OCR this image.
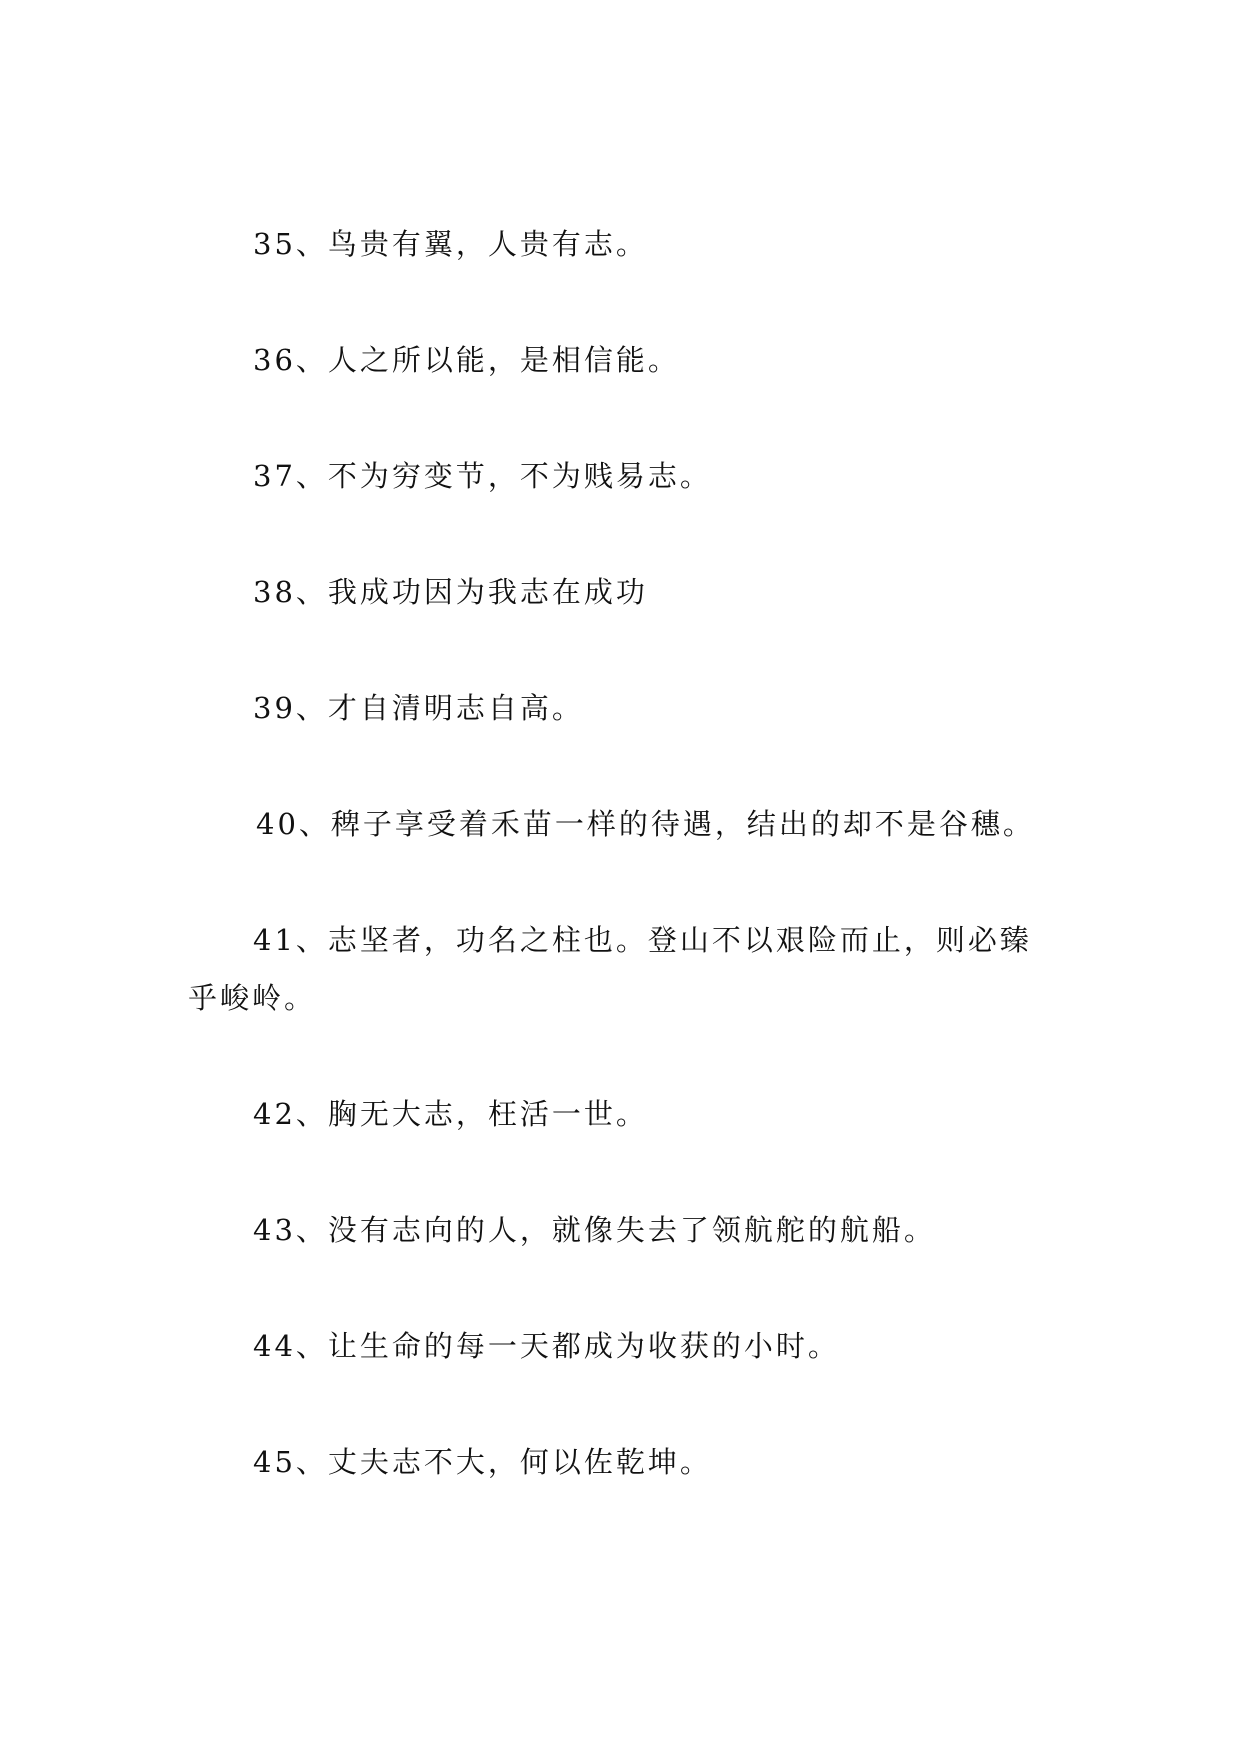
35、鸟贵有翼，人贵有志。
36、人之所以能，是相信能。
37、不为穷变节，不为贱易志。
38、我成功因为我志在成功
39、才自清明志自高。
40、稗子享受着禾苗一样的待遇，结出的却不是谷穗。
41、志坚者，功名之柱也。登山不以艰险而止，则必臻
乎峻岭。
42、胸无大志，枉活一世。
43、没有志向的人，就像失去了领航舵的航船。
44、让生命的每一天都成为收获的小时。
45、丈夫志不大，何以佐乾坤。
